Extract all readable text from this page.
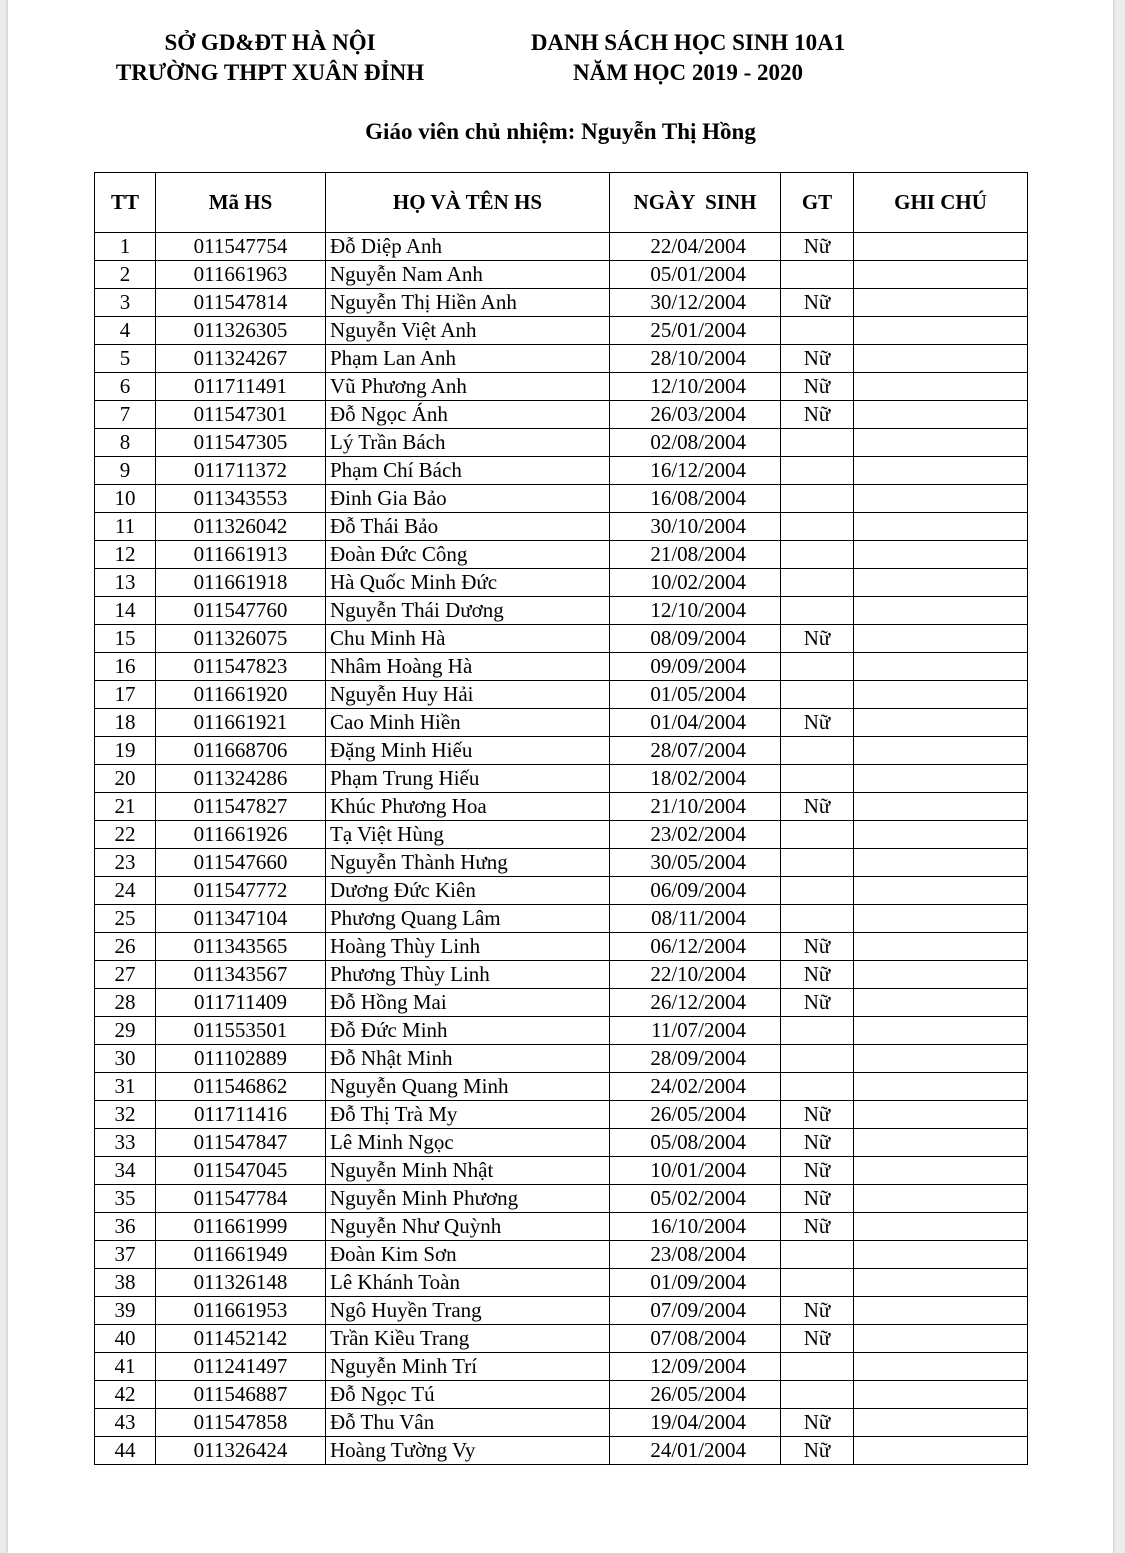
SỞ GD&ĐT HÀ NỘI
TRƯỜNG THPT XUÂN ĐỈNH
DANH SÁCH HỌC SINH 10A1
NĂM HỌC 2019 - 2020
Giáo viên chủ nhiệm: Nguyễn Thị Hồng
TT	Mã HS	HỌ VÀ TÊN HS	NGÀY  SINH	GT	GHI CHÚ
1	011547754	Đỗ Diệp Anh	22/04/2004	Nữ	
2	011661963	Nguyễn Nam Anh	05/01/2004		
3	011547814	Nguyễn Thị Hiền Anh	30/12/2004	Nữ	
4	011326305	Nguyễn Việt Anh	25/01/2004		
5	011324267	Phạm Lan Anh	28/10/2004	Nữ	
6	011711491	Vũ Phương Anh	12/10/2004	Nữ	
7	011547301	Đỗ Ngọc Ánh	26/03/2004	Nữ	
8	011547305	Lý Trần Bách	02/08/2004		
9	011711372	Phạm Chí Bách	16/12/2004		
10	011343553	Đinh Gia Bảo	16/08/2004		
11	011326042	Đỗ Thái Bảo	30/10/2004		
12	011661913	Đoàn Đức Công	21/08/2004		
13	011661918	Hà Quốc Minh Đức	10/02/2004		
14	011547760	Nguyễn Thái Dương	12/10/2004		
15	011326075	Chu Minh Hà	08/09/2004	Nữ	
16	011547823	Nhâm Hoàng Hà	09/09/2004		
17	011661920	Nguyễn Huy Hải	01/05/2004		
18	011661921	Cao Minh Hiền	01/04/2004	Nữ	
19	011668706	Đặng Minh Hiếu	28/07/2004		
20	011324286	Phạm Trung Hiếu	18/02/2004		
21	011547827	Khúc Phương Hoa	21/10/2004	Nữ	
22	011661926	Tạ Việt Hùng	23/02/2004		
23	011547660	Nguyễn Thành Hưng	30/05/2004		
24	011547772	Dương Đức Kiên	06/09/2004		
25	011347104	Phương Quang Lâm	08/11/2004		
26	011343565	Hoàng Thùy Linh	06/12/2004	Nữ	
27	011343567	Phương Thùy Linh	22/10/2004	Nữ	
28	011711409	Đỗ Hồng Mai	26/12/2004	Nữ	
29	011553501	Đỗ Đức Minh	11/07/2004		
30	011102889	Đỗ Nhật Minh	28/09/2004		
31	011546862	Nguyễn Quang Minh	24/02/2004		
32	011711416	Đỗ Thị Trà My	26/05/2004	Nữ	
33	011547847	Lê Minh Ngọc	05/08/2004	Nữ	
34	011547045	Nguyễn Minh Nhật	10/01/2004	Nữ	
35	011547784	Nguyễn Minh Phương	05/02/2004	Nữ	
36	011661999	Nguyễn Như Quỳnh	16/10/2004	Nữ	
37	011661949	Đoàn Kim Sơn	23/08/2004		
38	011326148	Lê Khánh Toàn	01/09/2004		
39	011661953	Ngô Huyền Trang	07/09/2004	Nữ	
40	011452142	Trần Kiều Trang	07/08/2004	Nữ	
41	011241497	Nguyễn Minh Trí	12/09/2004		
42	011546887	Đỗ Ngọc Tú	26/05/2004		
43	011547858	Đỗ Thu Vân	19/04/2004	Nữ	
44	011326424	Hoàng Tường Vy	24/01/2004	Nữ	
